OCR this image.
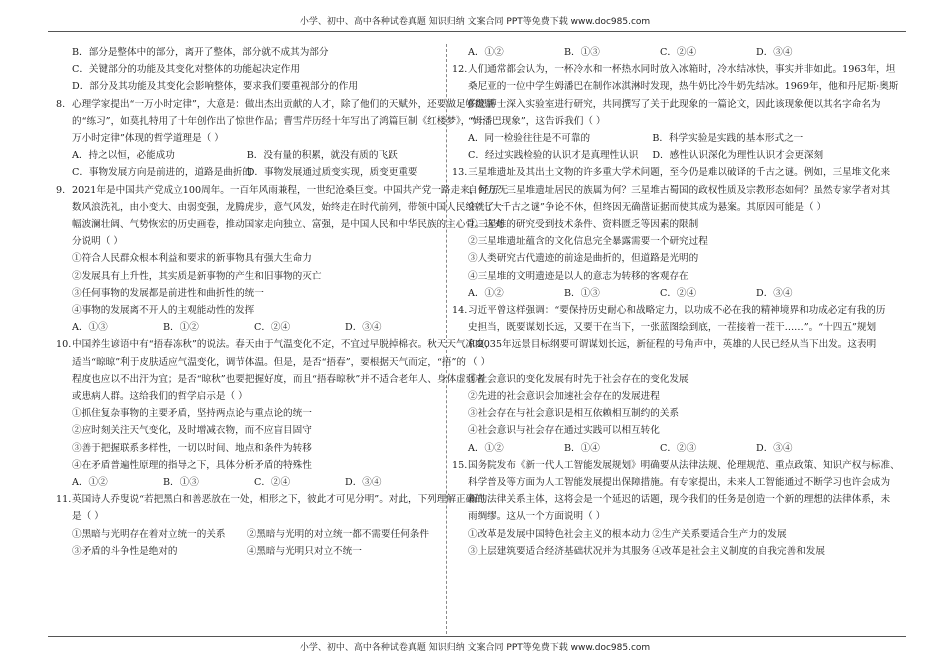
小学、初中、高中各种试卷真题 知识归纳 文案合同 PPT等免费下载 www.doc985.com
B．部分是整体中的部分，离开了整体，部分就不成其为部分
C．关键部分的功能及其变化对整体的功能起决定作用
D．部分及其功能及其变化会影响整体，要求我们要重视部分的作用
8. 心理学家提出“一万小时定律”，大意是：做出杰出贡献的人才，除了他们的天赋外，还要做足够数量
的“练习”，如莫扎特用了十年创作出了惊世作品；曹雪芹历经十年写出了鸿篇巨制《红楼梦》，“一
万小时定律”体现的哲学道理是（ ）
A．持之以恒，必能成功	B．没有量的积累，就没有质的飞跃
C．事物发展方向是前进的，道路是曲折的
D．事物发展通过质变实现，质变更重要
9. 2021年是中国共产党成立100周年。一百年风雨兼程，一世纪沧桑巨变。中国共产党一路走来，经历无
数风浪洗礼，由小变大、由弱变强，龙腾虎步，意气风发，始终走在时代前列，带领中国人民绘就了一
幅波澜壮阔、气势恢宏的历史画卷，推动国家走向独立、富强，是中国人民和中华民族的主心骨。这充
分说明（ ）
①符合人民群众根本利益和要求的新事物具有强大生命力
②发展具有上升性，其实质是新事物的产生和旧事物的灭亡
③任何事物的发展都是前进性和曲折性的统一
④事物的发展离不开人的主观能动性的发挥
A．①③	B．①②	C．②④	D．③④
10.中国养生谚语中有“捂春冻秋”的说法。春天由于气温变化不定，不宜过早脱掉棉衣。秋天天气凉爽，
适当“晾晾”利于皮肤适应气温变化，调节体温。但是，是否“捂春”，要根据天气而定，“捂”的
程度也应以不出汗为宜；是否“晾秋”也要把握好度，而且“捂春晾秋”并不适合老年人、身体虚弱者
或患病人群。这给我们的哲学启示是（ ）
①抓住复杂事物的主要矛盾，坚持两点论与重点论的统一
②应时刻关注天气变化，及时增减衣物，而不应盲目固守
③善于把握联系多样性，一切以时间、地点和条件为转移
④在矛盾普遍性原理的指导之下，具体分析矛盾的特殊性
A．①②	B．①③	C．②④	D．③④
11.英国诗人乔叟说“若把黑白和善恶放在一处，相形之下，彼此才可见分明”。对此，下列理解正确的
是（ ）
①黑暗与光明存在着对立统一的关系	②黑暗与光明的对立统一都不需要任何条件
③矛盾的斗争性是绝对的	④黑暗与光明只对立不统一
A．①②	B．①③	C．②④	D．③④
12.人们通常都会认为，一杯冷水和一杯热水同时放入冰箱时，冷水结冰快，事实并非如此。1963年，坦
桑尼亚的一位中学生姆潘巴在制作冰淇淋时发现，热牛奶比冷牛奶先结冰。1969年，他和丹尼斯·奥斯
伯恩博士深入实验室进行研究，共同撰写了关于此现象的一篇论文，因此该现象便以其名字命名为
“姆潘巴现象”，这告诉我们（ ）
A．同一检验往往是不可靠的	B．科学实验是实践的基本形式之一
C．经过实践检验的认识才是真理性认识	D．感性认识深化为理性认识才会更深刻
13.三星堆遗址及其出土文物的许多重大学术问题，至今仍是难以破译的千古之谜。例如，三星堆文化来
自何方？三星堆遗址居民的族属为何？三星堆古蜀国的政权性质及宗教形态如何？虽然专家学者对其
中“七大千古之谜”争论不休，但终因无确凿证据而使其成为悬案。其原因可能是（ ）
①三星堆的研究受到技术条件、资料匮乏等因素的限制
②三星堆遗址蕴含的文化信息完全暴露需要一个研究过程
③人类研究古代遗迹的前途是曲折的，但道路是光明的
④三星堆的文明遗迹是以人的意志为转移的客观存在
A．①②	B．①③	C．②④	D．③④
14.习近平曾这样强调：“要保持历史耐心和战略定力，以功成不必在我的精神境界和功成必定有我的历
史担当，既要谋划长远，又要干在当下，一张蓝图绘到底，一茬接着一茬干……”。“十四五”规划
和2035年远景目标纲要可谓谋划长远，新征程的号角声中，英雄的人民已经从当下出发。这表明
（ ）
①社会意识的变化发展有时先于社会存在的变化发展
②先进的社会意识会加速社会存在的发展进程
③社会存在与社会意识是相互依赖相互制约的关系
④社会意识与社会存在通过实践可以相互转化
A．①②	B．①④	C．②③	D．③④
15.国务院发布《新一代人工智能发展规划》明确要从法律法规、伦理规范、重点政策、知识产权与标准、
科学普及等方面为人工智能发展提出保障措施。有专家提出，未来人工智能通过不断学习也许会成为
新的法律关系主体，这将会是一个延迟的话题，现今我们的任务是创造一个新的理想的法律体系，未
雨绸缪。这从一个方面说明（ ）
①改革是发展中国特色社会主义的根本动力 ②生产关系要适合生产力的发展
③上层建筑要适合经济基础状况并为其服务 ④改革是社会主义制度的自我完善和发展
小学、初中、高中各种试卷真题 知识归纳 文案合同 PPT等免费下载 www.doc985.com
